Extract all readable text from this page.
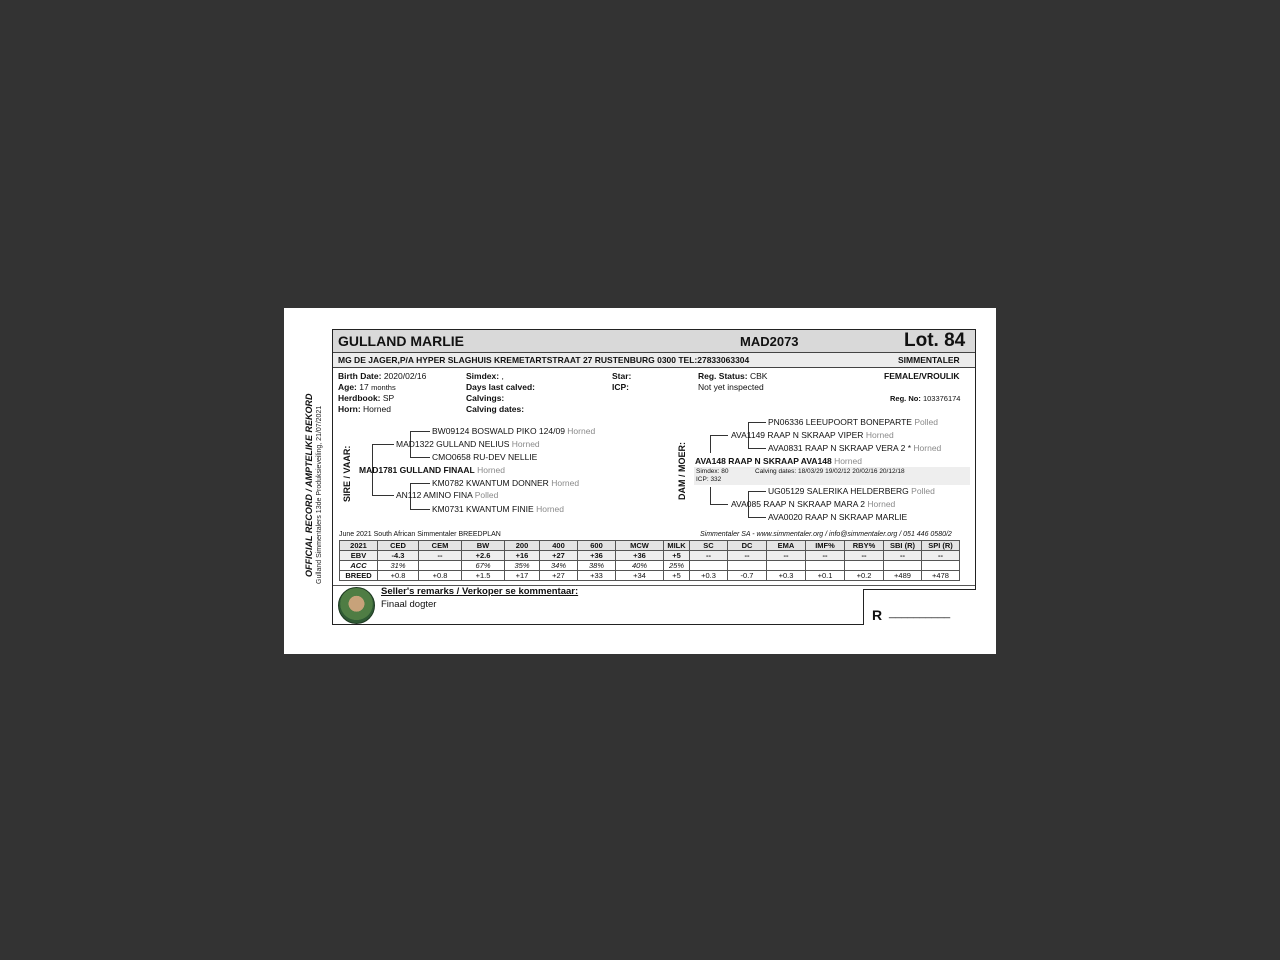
OFFICIAL RECORD / AMPTELIKE REKORD Gulland Simmentalers 13de Produksieveiling, 21/07/2021
GULLAND MARLIE	MAD2073	Lot. 84
MG DE JAGER,P/A HYPER SLAGHUIS KREMETARTSTRAAT 27 RUSTENBURG 0300 TEL:27833063304	SIMMENTALER
Birth Date: 2020/02/16
Age: 17 months
Herdbook: SP
Horn: Horned
Simdex: ,
Days last calved:
Calvings:
Calving dates:
Star:
ICP:
Reg. Status: CBK
Not yet inspected
FEMALE/VROULIK
Reg. No: 103376174
SIRE / VAAR:
BW09124 BOSWALD PIKO 124/09 Horned
MAD1322 GULLAND NELIUS Horned
CMO0658 RU-DEV NELLIE
MAD1781 GULLAND FINAAL Horned
KM0782 KWANTUM DONNER Horned
AN112 AMINO FINA Polled
KM0731 KWANTUM FINIE Horned
DAM / MOER:
PN06336 LEEUPOORT BONEPARTE Polled
AVA1149 RAAP N SKRAAP VIPER Horned
AVA0831 RAAP N SKRAAP VERA 2 * Horned
AVA148 RAAP N SKRAAP AVA148 Horned
Simdex: 80	Calving dates: 18/03/29 19/02/12 20/02/16 20/12/18
ICP: 332
UG05129 SALERIKA HELDERBERG Polled
AVA085 RAAP N SKRAAP MARA 2 Horned
AVA0020 RAAP N SKRAAP MARLIE
June 2021 South African Simmentaler BREEDPLAN	Simmentaler SA - www.simmentaler.org / info@simmentaler.org / 051 446 0580/2
2021	CED	CEM	BW	200	400	600	MCW	MILK	SC	DC	EMA	IMF%	RBY%	SBI (R)	SPI (R)
EBV	-4.3	--	+2.6	+16	+27	+36	+36	+5	--	--	--	--	--	--	--
ACC	31%		67%	35%	34%	38%	40%	25%							
BREED	+0.8	+0.8	+1.5	+17	+27	+33	+34	+5	+0.3	-0.7	+0.3	+0.1	+0.2	+489	+478
Seller's remarks / Verkoper se kommentaar:
Finaal dogter
R __________
